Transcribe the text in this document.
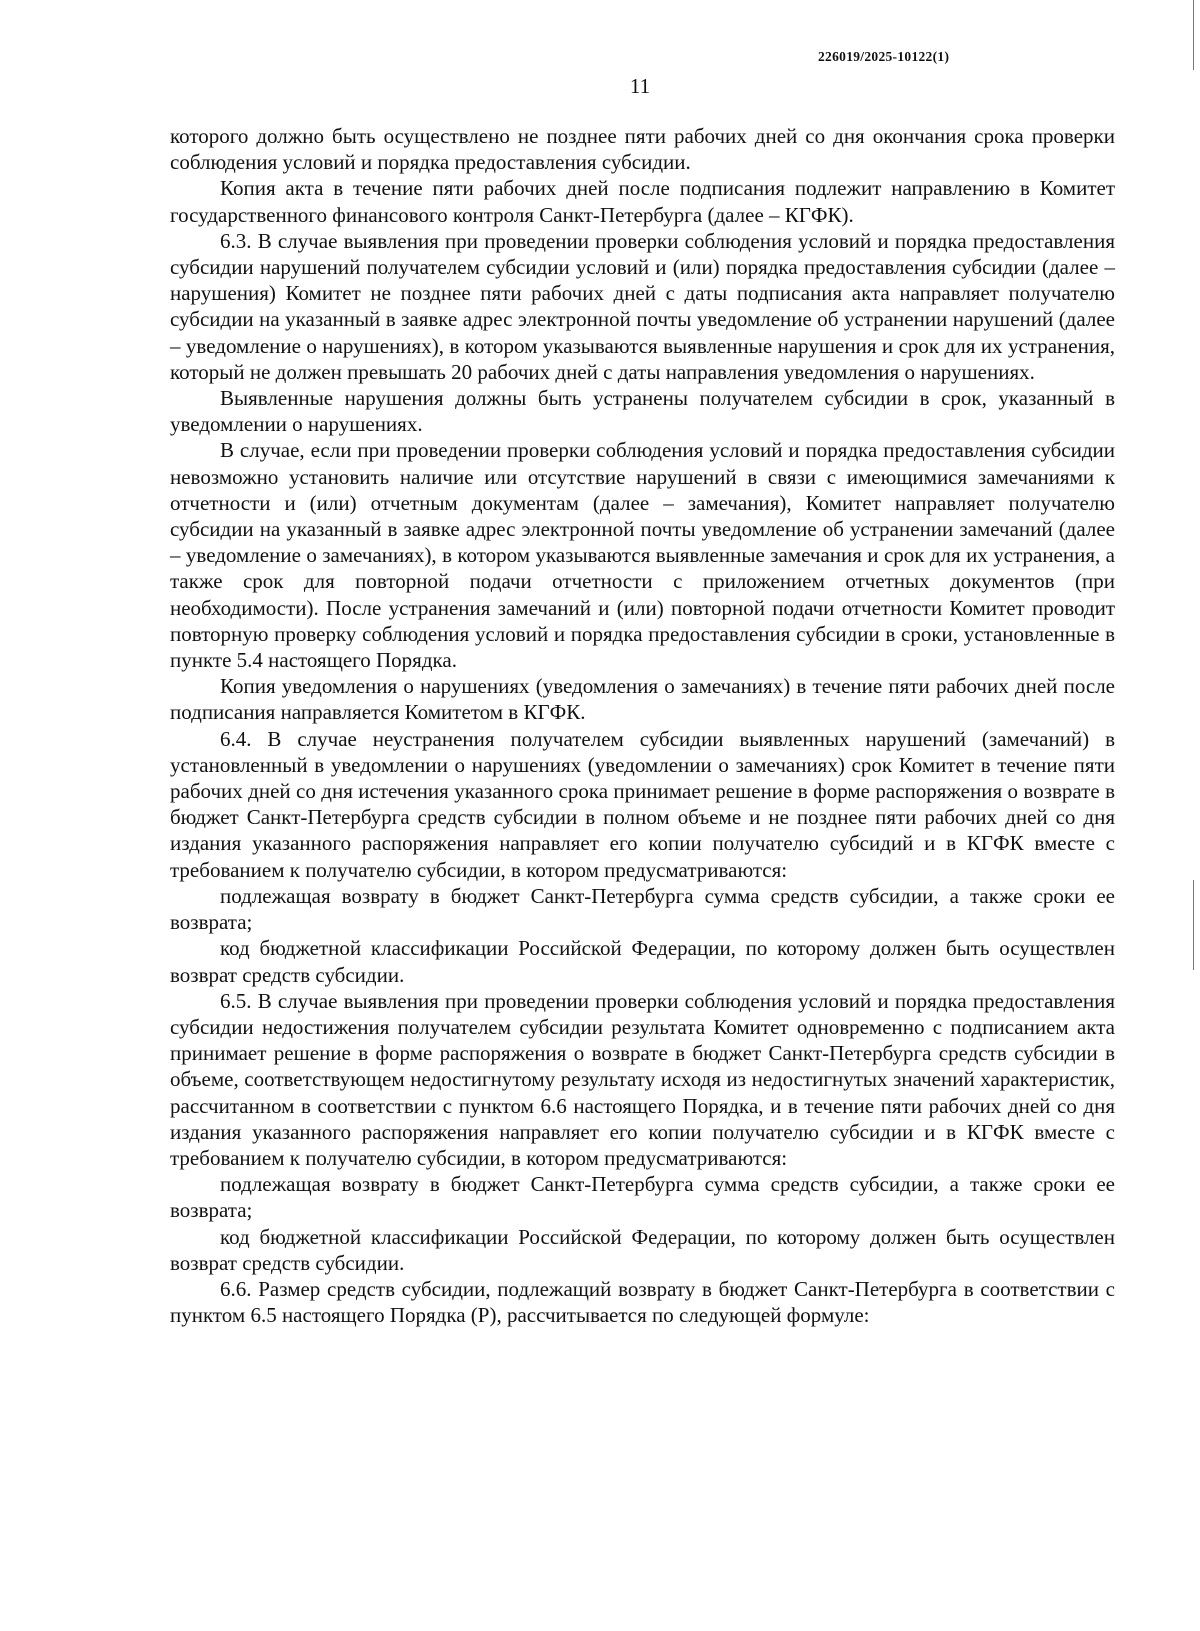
226019/2025-10122(1)
11

которого должно быть осуществлено не позднее пяти рабочих дней со дня окончания срока проверки соблюдения условий и порядка предоставления субсидии.

Копия акта в течение пяти рабочих дней после подписания подлежит направлению в Комитет государственного финансового контроля Санкт-Петербурга (далее – КГФК).

6.3. В случае выявления при проведении проверки соблюдения условий и порядка предоставления субсидии нарушений получателем субсидии условий и (или) порядка предоставления субсидии (далее – нарушения) Комитет не позднее пяти рабочих дней с даты подписания акта направляет получателю субсидии на указанный в заявке адрес электронной почты уведомление об устранении нарушений (далее – уведомление о нарушениях), в котором указываются выявленные нарушения и срок для их устранения, который не должен превышать 20 рабочих дней с даты направления уведомления о нарушениях.

Выявленные нарушения должны быть устранены получателем субсидии в срок, указанный в уведомлении о нарушениях.

В случае, если при проведении проверки соблюдения условий и порядка предоставления субсидии невозможно установить наличие или отсутствие нарушений в связи с имеющимися замечаниями к отчетности и (или) отчетным документам (далее – замечания), Комитет направляет получателю субсидии на указанный в заявке адрес электронной почты уведомление об устранении замечаний (далее – уведомление о замечаниях), в котором указываются выявленные замечания и срок для их устранения, а также срок для повторной подачи отчетности с приложением отчетных документов (при необходимости). После устранения замечаний и (или) повторной подачи отчетности Комитет проводит повторную проверку соблюдения условий и порядка предоставления субсидии в сроки, установленные в пункте 5.4 настоящего Порядка.

Копия уведомления о нарушениях (уведомления о замечаниях) в течение пяти рабочих дней после подписания направляется Комитетом в КГФК.

6.4. В случае неустранения получателем субсидии выявленных нарушений (замечаний) в установленный в уведомлении о нарушениях (уведомлении о замечаниях) срок Комитет в течение пяти рабочих дней со дня истечения указанного срока принимает решение в форме распоряжения о возврате в бюджет Санкт-Петербурга средств субсидии в полном объеме и не позднее пяти рабочих дней со дня издания указанного распоряжения направляет его копии получателю субсидий и в КГФК вместе с требованием к получателю субсидии, в котором предусматриваются:

подлежащая возврату в бюджет Санкт-Петербурга сумма средств субсидии, а также сроки ее возврата;

код бюджетной классификации Российской Федерации, по которому должен быть осуществлен возврат средств субсидии.

6.5. В случае выявления при проведении проверки соблюдения условий и порядка предоставления субсидии недостижения получателем субсидии результата Комитет одновременно с подписанием акта принимает решение в форме распоряжения о возврате в бюджет Санкт-Петербурга средств субсидии в объеме, соответствующем недостигнутому результату исходя из недостигнутых значений характеристик, рассчитанном в соответствии с пунктом 6.6 настоящего Порядка, и в течение пяти рабочих дней со дня издания указанного распоряжения направляет его копии получателю субсидии и в КГФК вместе с требованием к получателю субсидии, в котором предусматриваются:

подлежащая возврату в бюджет Санкт-Петербурга сумма средств субсидии, а также сроки ее возврата;

код бюджетной классификации Российской Федерации, по которому должен быть осуществлен возврат средств субсидии.

6.6. Размер средств субсидии, подлежащий возврату в бюджет Санкт-Петербурга в соответствии с пунктом 6.5 настоящего Порядка (Р), рассчитывается по следующей формуле:
